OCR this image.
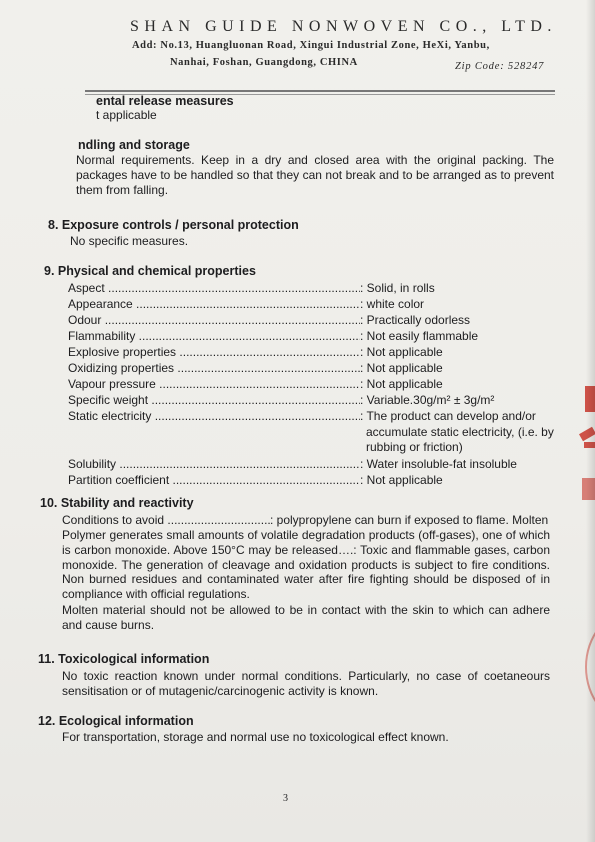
SHAN GUIDE NONWOVEN CO., LTD.
Add: No.13, Huangluonan Road, Xingui Industrial Zone, HeXi, Yanbu,
Nanhai, Foshan, Guangdong, CHINA	Zip Code: 528247
ental release measures
t applicable
ndling and storage
Normal requirements. Keep in a dry and closed area with the original packing. The packages have to be handled so that they can not break and to be arranged as to prevent them from falling.
8. Exposure controls / personal protection
No specific measures.
9. Physical and chemical properties
Aspect .....	: Solid, in rolls
Appearance .....	: white color
Odour .....	: Practically odorless
Flammability .....	: Not easily flammable
Explosive properties .....	: Not applicable
Oxidizing properties .....	: Not applicable
Vapour pressure .....	: Not applicable
Specific weight .....	: Variable.30g/m² ± 3g/m²
Static electricity .....	: The product can develop and/or
accumulate static electricity, (i.e. by rubbing or friction)
Solubility .....	: Water insoluble-fat insoluble
Partition coefficient .....	: Not applicable
10. Stability and reactivity
Conditions to avoid .....	: polypropylene can burn if exposed to flame. Molten
Polymer generates small amounts of volatile degradation products (off-gases), one of which is carbon monoxide. Above 150°C may be released….: Toxic and flammable gases, carbon monoxide. The generation of cleavage and oxidation products is subject to fire conditions. Non burned residues and contaminated water after fire fighting should be disposed of in compliance with official regulations.
Molten material should not be allowed to be in contact with the skin to which can adhere and cause burns.
11. Toxicological information
No toxic reaction known under normal conditions. Particularly, no case of coetaneours sensitisation or of mutagenic/carcinogenic activity is known.
12. Ecological information
For transportation, storage and normal use no toxicological effect known.
3
